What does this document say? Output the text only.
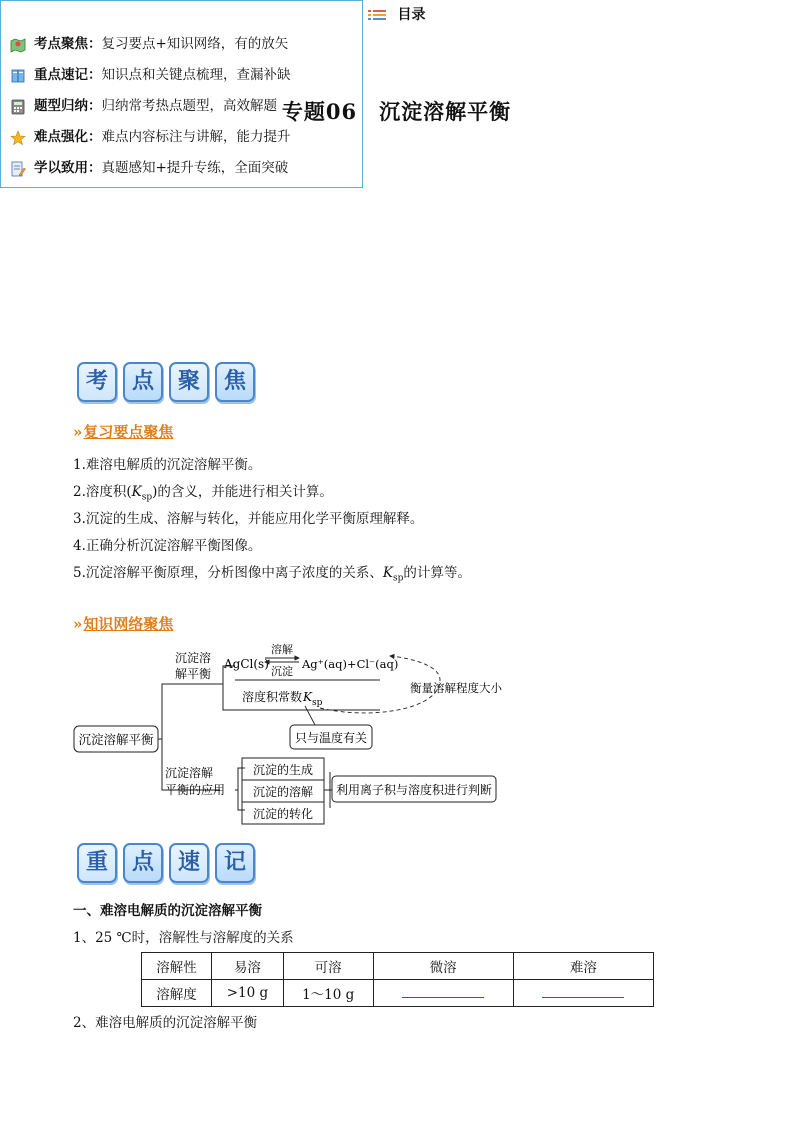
专题06　沉淀溶解平衡
目录
考点聚焦：复习要点+知识网络，有的放矢
重点速记：知识点和关键点梳理，查漏补缺
题型归纳：归纳常考热点题型，高效解题
难点强化：难点内容标注与讲解，能力提升
学以致用：真题感知+提升专练，全面突破
考	点	聚	焦
»复习要点聚焦
1.难溶电解质的沉淀溶解平衡。
2.溶度积$(K_{sp})$的含义，并能进行相关计算。
3.沉淀的生成、溶解与转化，并能应用化学平衡原理解释。
4.正确分析沉淀溶解平衡图像。
5.沉淀溶解平衡原理，分析图像中离子浓度的关系、$K_{sp}$的计算等。
»知识网络聚焦
沉淀溶解平衡
沉淀溶
解平衡
AgCl(s)
溶解
沉淀
Ag⁺(aq)+Cl⁻(aq)
溶度积常数 K sp
衡量溶解程度大小
只与温度有关
沉淀溶解
平衡的应用
沉淀的生成
沉淀的溶解
沉淀的转化
利用离子积与溶度积进行判断
重	点	速	记
一、难溶电解质的沉淀溶解平衡
1、25 ℃时，溶解性与溶解度的关系
溶解性	易溶	可溶	微溶	难溶
溶解度	>10 g	1～10 g		
2、难溶电解质的沉淀溶解平衡
